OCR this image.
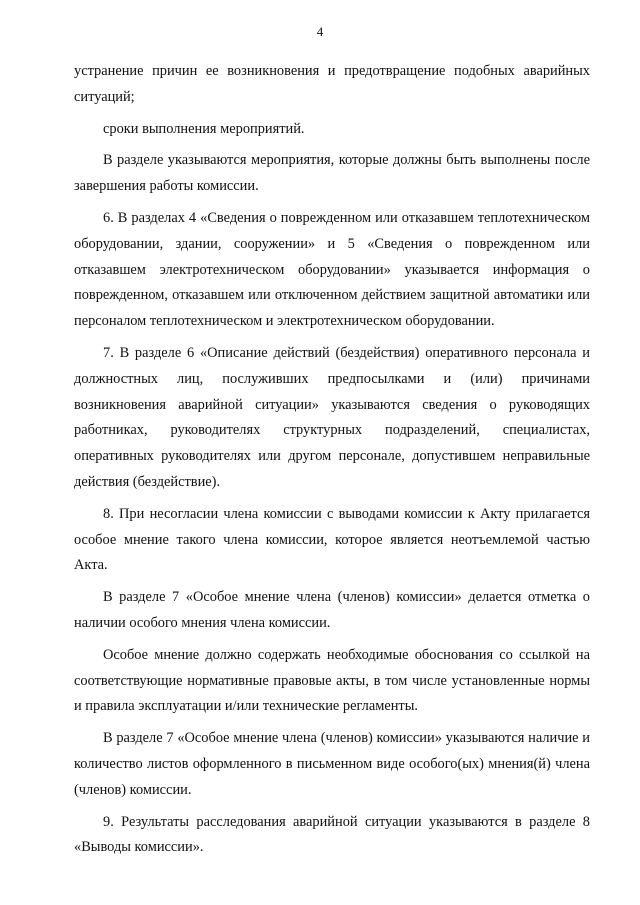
4

устранение причин ее возникновения и предотвращение подобных аварийных ситуаций;

сроки выполнения мероприятий.

В разделе указываются мероприятия, которые должны быть выполнены после завершения работы комиссии.

6. В разделах 4 «Сведения о поврежденном или отказавшем теплотехническом оборудовании, здании, сооружении» и 5 «Сведения о поврежденном или отказавшем электротехническом оборудовании» указывается информация о поврежденном, отказавшем или отключенном действием защитной автоматики или персоналом теплотехническом и электротехническом оборудовании.

7. В разделе 6 «Описание действий (бездействия) оперативного персонала и должностных лиц, послуживших предпосылками и (или) причинами возникновения аварийной ситуации» указываются сведения о руководящих работниках, руководителях структурных подразделений, специалистах, оперативных руководителях или другом персонале, допустившем неправильные действия (бездействие).

8. При несогласии члена комиссии с выводами комиссии к Акту прилагается особое мнение такого члена комиссии, которое является неотъемлемой частью Акта.

В разделе 7 «Особое мнение члена (членов) комиссии» делается отметка о наличии особого мнения члена комиссии.

Особое мнение должно содержать необходимые обоснования со ссылкой на соответствующие нормативные правовые акты, в том числе установленные нормы и правила эксплуатации и/или технические регламенты.

В разделе 7 «Особое мнение члена (членов) комиссии» указываются наличие и количество листов оформленного в письменном виде особого(ых) мнения(й) члена (членов) комиссии.

9. Результаты расследования аварийной ситуации указываются в разделе 8 «Выводы комиссии».
